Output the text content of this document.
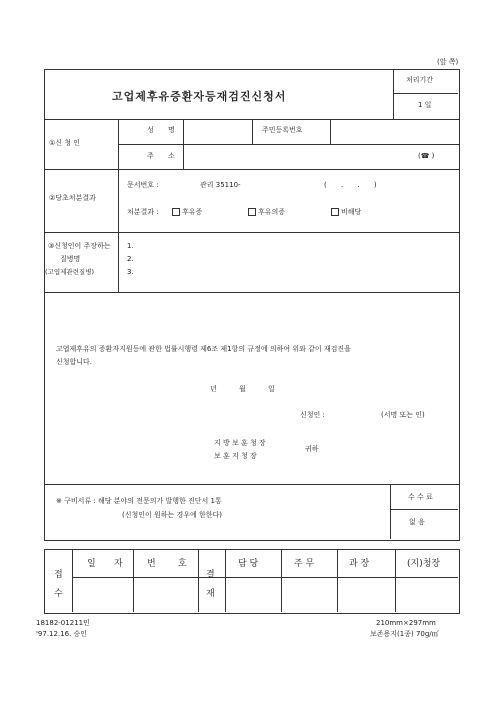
(앞 쪽)
고업제후유증환자등재검진신청서
처리기간
1 일
①신 청 인
성 명	주민등록번호
주 소	(☎ )
②당초처분결과
문서번호 :	관리 35110-	( . . )
처분결과 :	후유증	후유의증	비해당
③신청인이 주장하는
질병명
(고엽제관련질병)
1.
2.
3.
고엽제후유의 증환자지원등에 관한 법률시행령 제6조 제1항의 규정에 의하여 위와 같이 재검진을
신청합니다.
년 월 일
신청인 :	(서명 또는 인)
지 방 보 훈 청 장
보 훈 지 청 장
귀하
※ 구비서류 : 해당 분야의 전문의가 발행한 진단서 1통
(신청인이 원하는 경우에 한한다)
수 수 료
없 음
접
수
일 자	번 호
결
재
담 당	주 무	과 장	(지)청장
18182-01211민
'97.12.16. 승인
210mm×297mm
보존용지(1종) 70g/㎡
